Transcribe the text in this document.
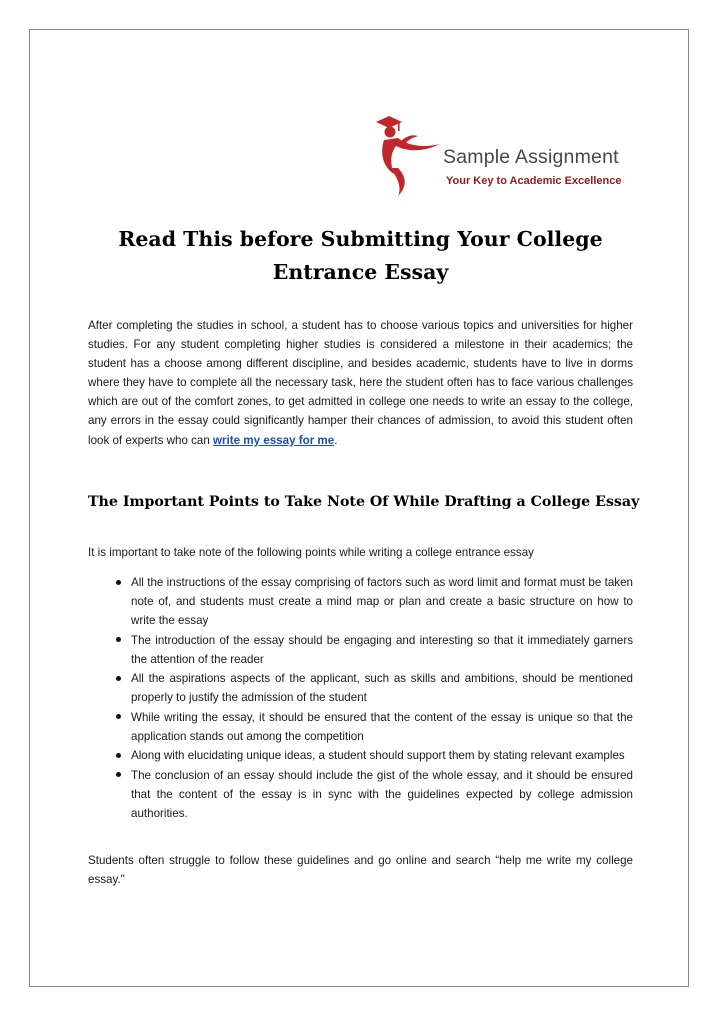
Sample Assignment
Your Key to Academic Excellence
Read This before Submitting Your College Entrance Essay

After completing the studies in school, a student has to choose various topics and universities for higher studies. For any student completing higher studies is considered a milestone in their academics; the student has a choose among different discipline, and besides academic, students have to live in dorms where they have to complete all the necessary task, here the student often has to face various challenges which are out of the comfort zones, to get admitted in college one needs to write an essay to the college, any errors in the essay could significantly hamper their chances of admission, to avoid this student often look of experts who can write my essay for me.

The Important Points to Take Note Of While Drafting a College Essay
It is important to take note of the following points while writing a college entrance essay
All the instructions of the essay comprising of factors such as word limit and format must be taken note of, and students must create a mind map or plan and create a basic structure on how to write the essay
The introduction of the essay should be engaging and interesting so that it immediately garners the attention of the reader
All the aspirations aspects of the applicant, such as skills and ambitions, should be mentioned properly to justify the admission of the student
While writing the essay, it should be ensured that the content of the essay is unique so that the application stands out among the competition
Along with elucidating unique ideas, a student should support them by stating relevant examples
The conclusion of an essay should include the gist of the whole essay, and it should be ensured that the content of the essay is in sync with the guidelines expected by college admission authorities.

Students often struggle to follow these guidelines and go online and search “help me write my college essay."
